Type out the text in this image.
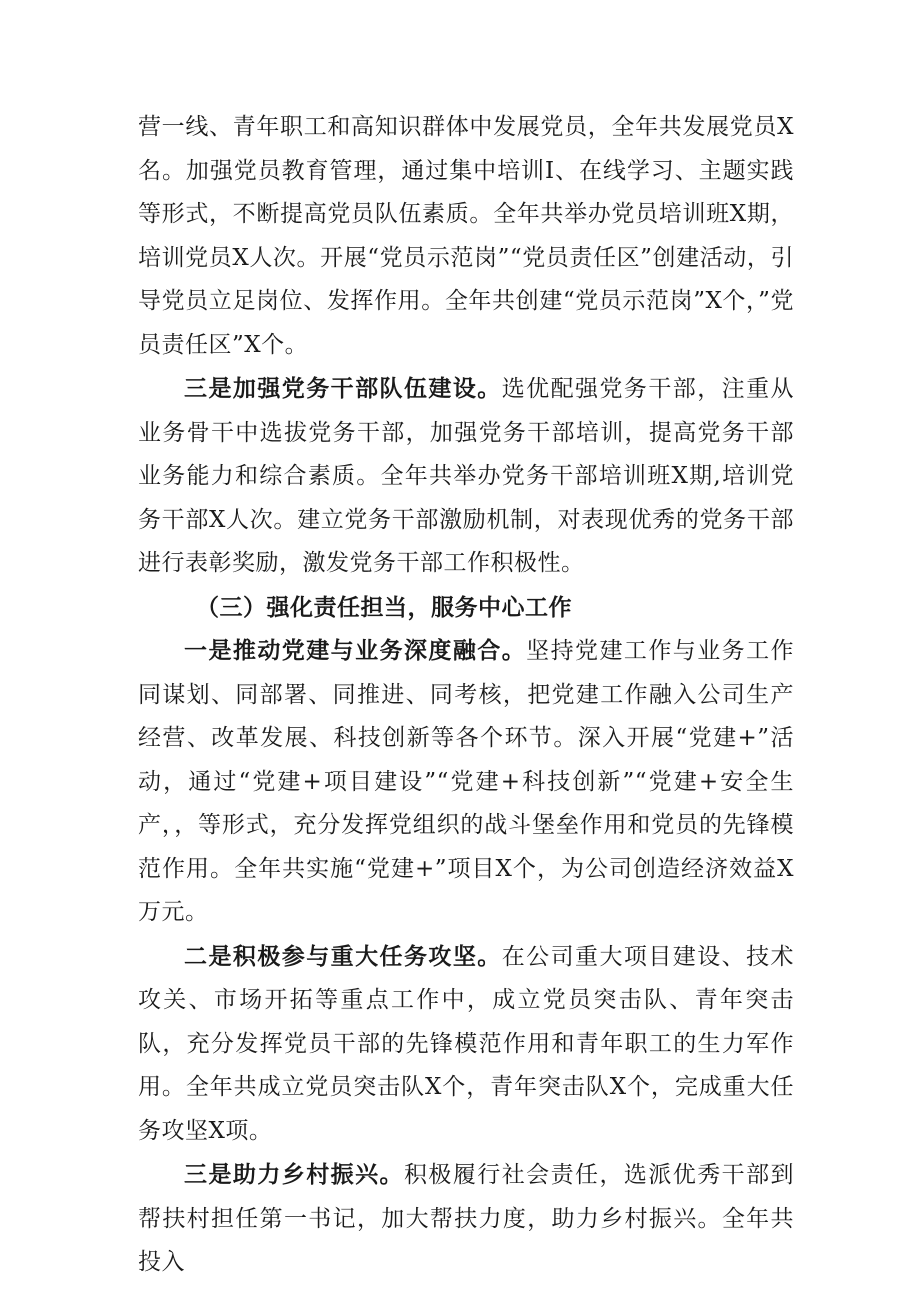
营一线、青年职工和高知识群体中发展党员，全年共发展党员X名。加强党员教育管理，通过集中培训I、在线学习、主题实践等形式，不断提高党员队伍素质。全年共举办党员培训班X期，培训党员X人次。开展“党员示范岗”“党员责任区”创建活动，引导党员立足岗位、发挥作用。全年共创建“党员示范岗”X个，”党员责任区”X个。

三是加强党务干部队伍建设。选优配强党务干部，注重从业务骨干中选拔党务干部，加强党务干部培训，提高党务干部业务能力和综合素质。全年共举办党务干部培训班X期,培训党务干部X人次。建立党务干部激励机制，对表现优秀的党务干部进行表彰奖励，激发党务干部工作积极性。

（三）强化责任担当，服务中心工作

一是推动党建与业务深度融合。坚持党建工作与业务工作同谋划、同部署、同推进、同考核，把党建工作融入公司生产经营、改革发展、科技创新等各个环节。深入开展“党建+”活动，通过“党建+项目建设”“党建+科技创新”“党建+安全生产，，等形式，充分发挥党组织的战斗堡垒作用和党员的先锋模范作用。全年共实施“党建+”项目X个，为公司创造经济效益X万元。

二是积极参与重大任务攻坚。在公司重大项目建设、技术攻关、市场开拓等重点工作中，成立党员突击队、青年突击队，充分发挥党员干部的先锋模范作用和青年职工的生力军作用。全年共成立党员突击队X个，青年突击队X个，完成重大任务攻坚X项。

三是助力乡村振兴。积极履行社会责任，选派优秀干部到帮扶村担任第一书记，加大帮扶力度，助力乡村振兴。全年共投入
